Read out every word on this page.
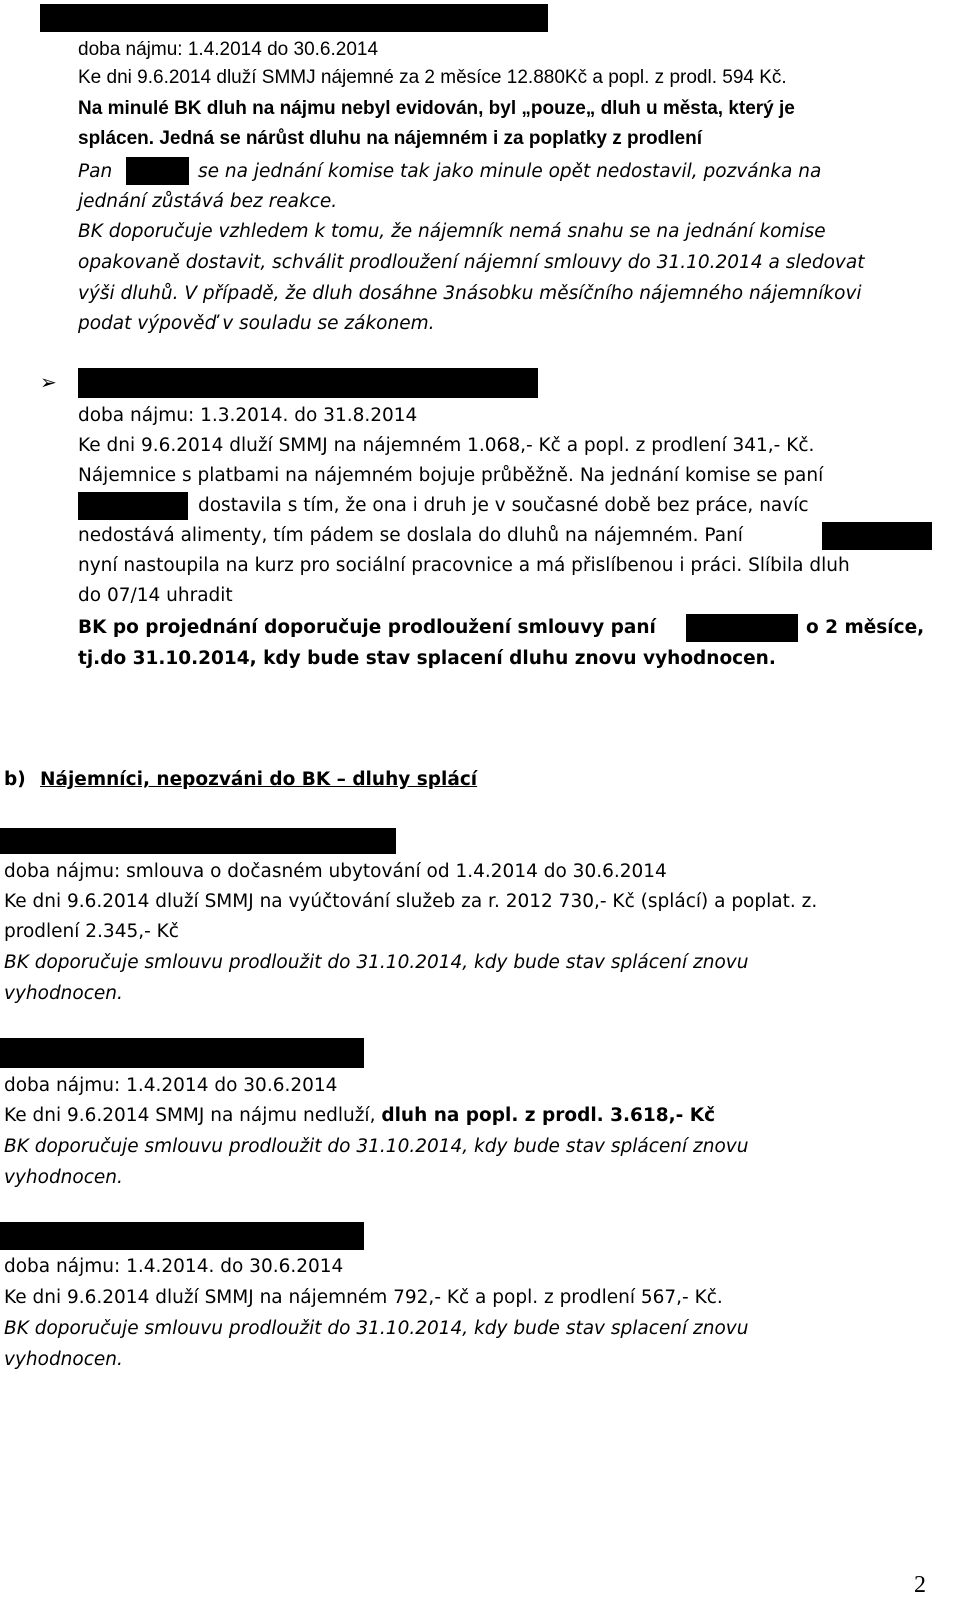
doba nájmu: 1.4.2014 do 30.6.2014
Ke dni 9.6.2014 dluží SMMJ nájemné za 2 měsíce 12.880Kč a popl. z prodl. 594 Kč.
Na minulé BK dluh na nájmu nebyl evidován, byl „pouze„ dluh u města, který je
splácen. Jedná se nárůst dluhu na nájemném i za poplatky z prodlení
Pan	se na jednání komise tak jako minule opět nedostavil, pozvánka na
jednání zůstává bez reakce.
BK doporučuje vzhledem k tomu, že nájemník nemá snahu se na jednání komise
opakovaně dostavit, schválit prodloužení nájemní smlouvy do 31.10.2014 a sledovat
výši dluhů. V případě, že dluh dosáhne 3násobku měsíčního nájemného nájemníkovi
podat výpověď v souladu se zákonem.
➢
doba nájmu: 1.3.2014. do 31.8.2014
Ke dni 9.6.2014 dluží SMMJ na nájemném 1.068,- Kč a popl. z prodlení 341,- Kč.
Nájemnice s platbami na nájemném bojuje průběžně. Na jednání komise se paní
dostavila s tím, že ona i druh je v současné době bez práce, navíc
nedostává alimenty, tím pádem se doslala do dluhů na nájemném. Paní
nyní nastoupila na kurz pro sociální pracovnice a má přislíbenou i práci. Slíbila dluh
do 07/14 uhradit
BK po projednání doporučuje prodloužení smlouvy paní	o 2 měsíce,
tj.do 31.10.2014, kdy bude stav splacení dluhu znovu vyhodnocen.
b) Nájemníci, nepozváni do BK – dluhy splácí
doba nájmu: smlouva o dočasném ubytování od 1.4.2014 do 30.6.2014
Ke dni 9.6.2014 dluží SMMJ na vyúčtování služeb za r. 2012 730,- Kč (splácí) a poplat. z.
prodlení 2.345,- Kč
BK doporučuje smlouvu prodloužit do 31.10.2014, kdy bude stav splácení znovu
vyhodnocen.
doba nájmu: 1.4.2014 do 30.6.2014
Ke dni 9.6.2014 SMMJ na nájmu nedluží, dluh na popl. z prodl. 3.618,- Kč
BK doporučuje smlouvu prodloužit do 31.10.2014, kdy bude stav splácení znovu
vyhodnocen.
doba nájmu: 1.4.2014. do 30.6.2014
Ke dni 9.6.2014 dluží SMMJ na nájemném 792,- Kč a popl. z prodlení 567,- Kč.
BK doporučuje smlouvu prodloužit do 31.10.2014, kdy bude stav splacení znovu
vyhodnocen.
2
